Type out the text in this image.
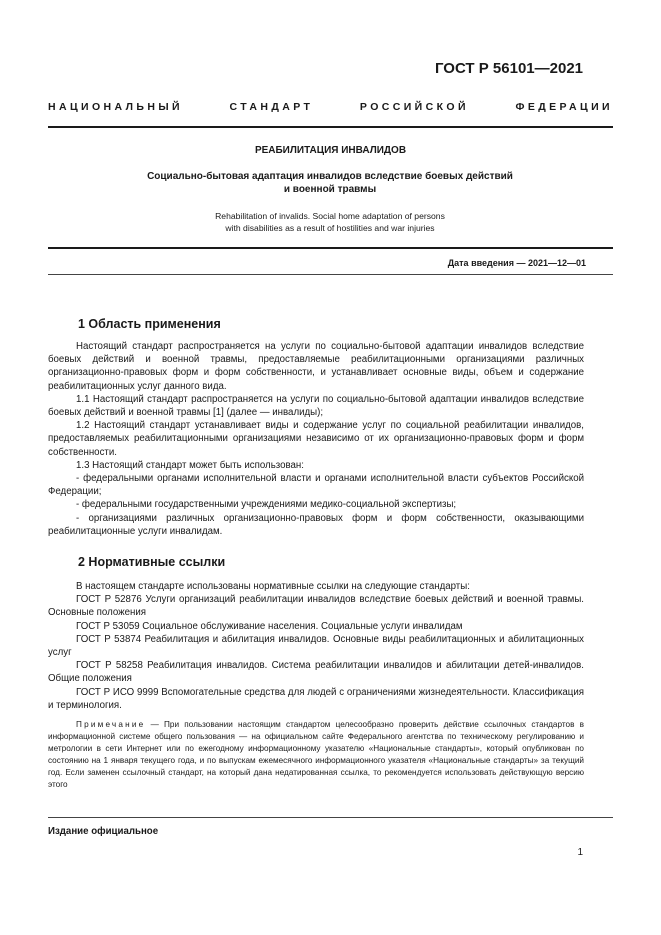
ГОСТ Р 56101—2021
НАЦИОНАЛЬНЫЙ СТАНДАРТ РОССИЙСКОЙ ФЕДЕРАЦИИ
РЕАБИЛИТАЦИЯ ИНВАЛИДОВ
Социально-бытовая адаптация инвалидов вследствие боевых действий
и военной травмы
Rehabilitation of invalids. Social home adaptation of persons
with disabilities as a result of hostilities and war injuries
Дата введения — 2021—12—01
1 Область применения

Настоящий стандарт распространяется на услуги по социально-бытовой адаптации инвалидов вследствие боевых действий и военной травмы, предоставляемые реабилитационными организациями различных организационно-правовых форм и форм собственности, и устанавливает основные виды, объем и содержание реабилитационных услуг данного вида.

1.1 Настоящий стандарт распространяется на услуги по социально-бытовой адаптации инвалидов вследствие боевых действий и военной травмы [1] (далее — инвалиды);

1.2 Настоящий стандарт устанавливает виды и содержание услуг по социальной реабилитации инвалидов, предоставляемых реабилитационными организациями независимо от их организационно-правовых форм и форм собственности.

1.3 Настоящий стандарт может быть использован:

- федеральными органами исполнительной власти и органами исполнительной власти субъектов Российской Федерации;

- федеральными государственными учреждениями медико-социальной экспертизы;

- организациями различных организационно-правовых форм и форм собственности, оказывающими реабилитационные услуги инвалидам.

2 Нормативные ссылки

В настоящем стандарте использованы нормативные ссылки на следующие стандарты:

ГОСТ Р 52876 Услуги организаций реабилитации инвалидов вследствие боевых действий и военной травмы. Основные положения

ГОСТ Р 53059 Социальное обслуживание населения. Социальные услуги инвалидам

ГОСТ Р 53874 Реабилитация и абилитация инвалидов. Основные виды реабилитационных и абилитационных услуг

ГОСТ Р 58258 Реабилитация инвалидов. Система реабилитации инвалидов и абилитации детей-инвалидов. Общие положения

ГОСТ Р ИСО 9999 Вспомогательные средства для людей с ограничениями жизнедеятельности. Классификация и терминология.

Примечание — При пользовании настоящим стандартом целесообразно проверить действие ссылочных стандартов в информационной системе общего пользования — на официальном сайте Федерального агентства по техническому регулированию и метрологии в сети Интернет или по ежегодному информационному указателю «Национальные стандарты», который опубликован по состоянию на 1 января текущего года, и по выпускам ежемесячного информационного указателя «Национальные стандарты» за текущий год. Если заменен ссылочный стандарт, на который дана недатированная ссылка, то рекомендуется использовать действующую версию этого

Издание официальное
1
